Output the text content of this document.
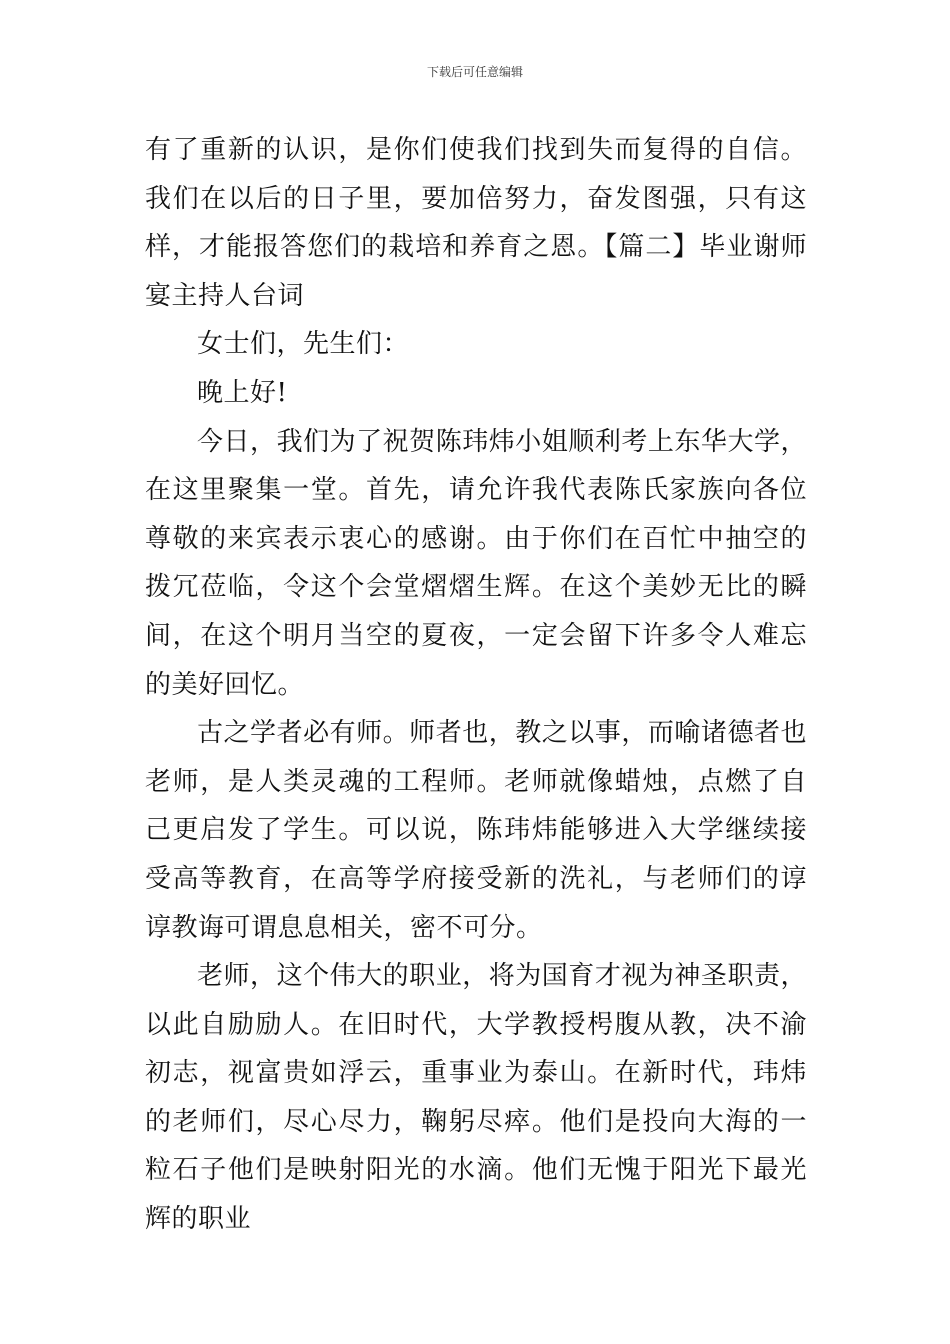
下载后可任意编辑

有了重新的认识，是你们使我们找到失而复得的自信。我们在以后的日子里，要加倍努力，奋发图强，只有这样，才能报答您们的栽培和养育之恩。【篇二】毕业谢师宴主持人台词

女士们，先生们：

晚上好!

今日，我们为了祝贺陈玮炜小姐顺利考上东华大学，在这里聚集一堂。首先，请允许我代表陈氏家族向各位尊敬的来宾表示衷心的感谢。由于你们在百忙中抽空的拨冗莅临，令这个会堂熠熠生辉。在这个美妙无比的瞬间，在这个明月当空的夏夜，一定会留下许多令人难忘的美好回忆。

古之学者必有师。师者也，教之以事，而喻诸德者也老师，是人类灵魂的工程师。老师就像蜡烛，点燃了自己更启发了学生。可以说，陈玮炜能够进入大学继续接受高等教育，在高等学府接受新的洗礼，与老师们的谆谆教诲可谓息息相关，密不可分。

老师，这个伟大的职业，将为国育才视为神圣职责，以此自励励人。在旧时代，大学教授枵腹从教，决不渝初志，视富贵如浮云，重事业为泰山。在新时代，玮炜的老师们，尽心尽力，鞠躬尽瘁。他们是投向大海的一粒石子他们是映射阳光的水滴。他们无愧于阳光下最光辉的职业
